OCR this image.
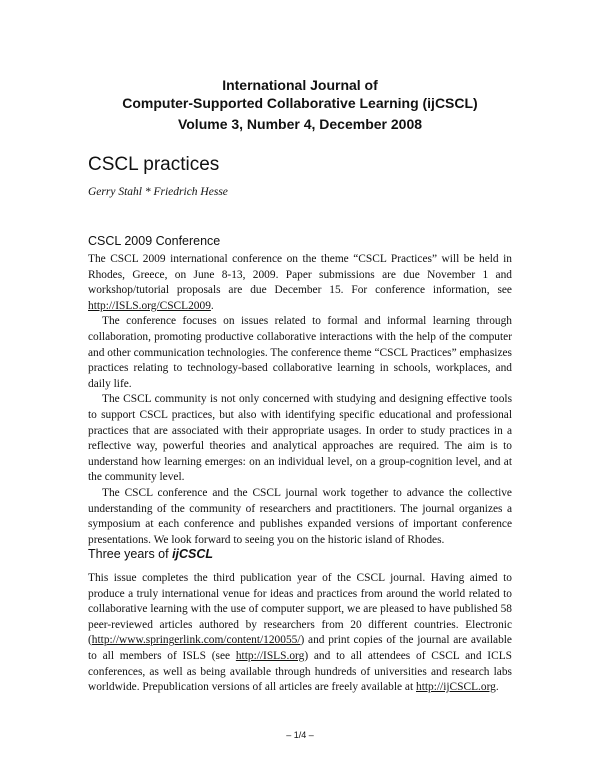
International Journal of
Computer-Supported Collaborative Learning (ijCSCL)
Volume 3, Number 4, December 2008
CSCL practices
Gerry Stahl * Friedrich Hesse
CSCL 2009 Conference

The CSCL 2009 international conference on the theme “CSCL Practices” will be held in Rhodes, Greece, on June 8-13, 2009. Paper submissions are due November 1 and workshop/tutorial proposals are due December 15. For conference information, see http://ISLS.org/CSCL2009.

The conference focuses on issues related to formal and informal learning through collaboration, promoting productive collaborative interactions with the help of the computer and other communication technologies. The conference theme “CSCL Practices” emphasizes practices relating to technology-based collaborative learning in schools, workplaces, and daily life.

The CSCL community is not only concerned with studying and designing effective tools to support CSCL practices, but also with identifying specific educational and professional practices that are associated with their appropriate usages. In order to study practices in a reflective way, powerful theories and analytical approaches are required. The aim is to understand how learning emerges: on an individual level, on a group-cognition level, and at the community level.

The CSCL conference and the CSCL journal work together to advance the collective understanding of the community of researchers and practitioners. The journal organizes a symposium at each conference and publishes expanded versions of important conference presentations. We look forward to seeing you on the historic island of Rhodes.

Three years of ijCSCL

This issue completes the third publication year of the CSCL journal. Having aimed to produce a truly international venue for ideas and practices from around the world related to collaborative learning with the use of computer support, we are pleased to have published 58 peer-reviewed articles authored by researchers from 20 different countries. Electronic (http://www.springerlink.com/content/120055/) and print copies of the journal are available to all members of ISLS (see http://ISLS.org) and to all attendees of CSCL and ICLS conferences, as well as being available through hundreds of universities and research labs worldwide. Prepublication versions of all articles are freely available at http://ijCSCL.org.

– 1/4 –
